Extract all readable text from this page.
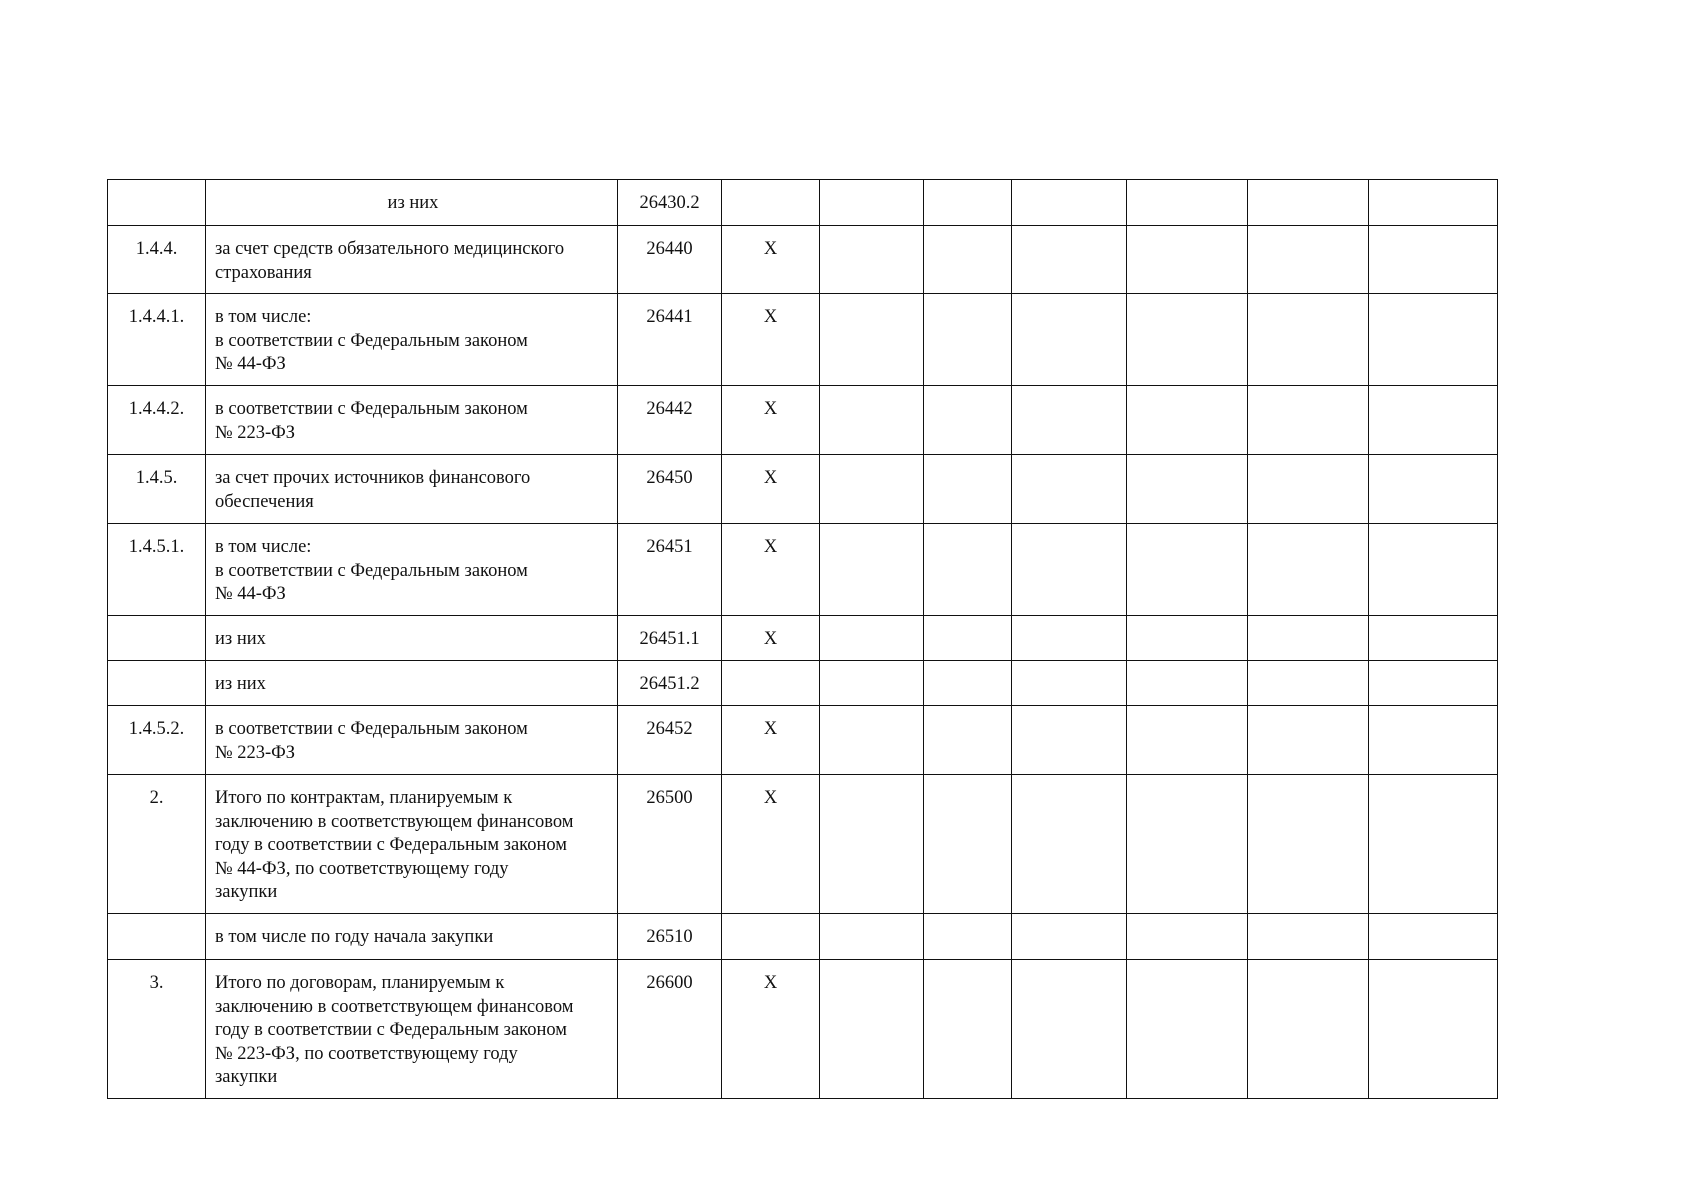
	из них	26430.2							
1.4.4.	за счет средств обязательного медицинского
страхования	26440	X						
1.4.4.1.	в том числе:
в соответствии с Федеральным законом
№ 44-ФЗ	26441	X						
1.4.4.2.	в соответствии с Федеральным законом
№ 223-ФЗ	26442	X						
1.4.5.	за счет прочих источников финансового
обеспечения	26450	X						
1.4.5.1.	в том числе:
в соответствии с Федеральным законом
№ 44-ФЗ	26451	X						

	из них	26451.1	X						

	из них	26451.2							
1.4.5.2.	в соответствии с Федеральным законом
№ 223-ФЗ	26452	X						
2.	Итого по контрактам, планируемым к
заключению в соответствующем финансовом
году в соответствии с Федеральным законом
№ 44-ФЗ, по соответствующему году
закупки	26500	X						

	в том числе по году начала закупки	26510							
3.	Итого по договорам, планируемым к
заключению в соответствующем финансовом
году в соответствии с Федеральным законом
№ 223-ФЗ, по соответствующему году
закупки	26600	X						
